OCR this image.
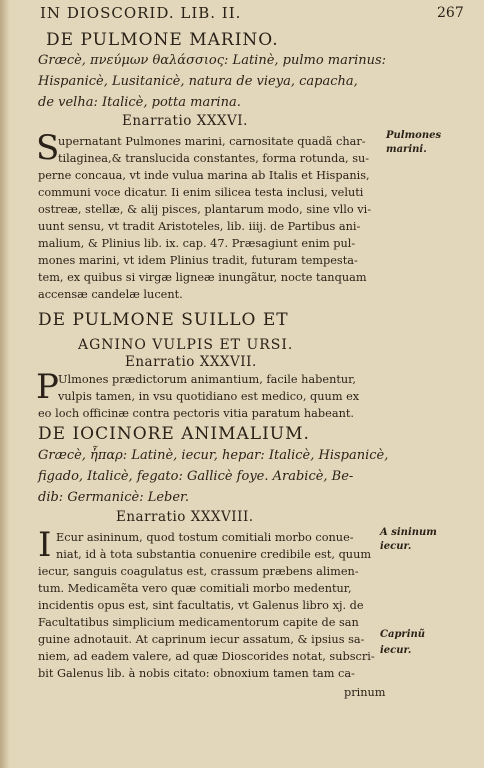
IN DIOSCORID. LIB. II.	267
DE PULMONE MARINO.
Græcè, πνεύμων θαλάσσιος: Latinè, pulmo marinus:
Hispanicè, Lusitanicè, natura de vieya, capacha,
de velha: Italicè, potta marina.
Enarratio XXXVI.
S
upernatant Pulmones marini, carnositate quadã char-
tilaginea,& translucida constantes, forma rotunda, su-
perne concaua, vt inde vulua marina ab Italis et Hispanis,
communi voce dicatur. Ii enim silicea testa inclusi, veluti
ostreæ, stellæ, & alij pisces, plantarum modo, sine vllo vi-
uunt sensu, vt tradit Aristoteles, lib. iiij. de Partibus ani-
malium, & Plinius lib. ix. cap. 47. Præsagiunt enim pul-
mones marini, vt idem Plinius tradit, futuram tempesta-
tem, ex quibus si virgæ ligneæ inungãtur, nocte tanquam
accensæ candelæ lucent.
Pulmones
marini.
DE PULMONE SUILLO ET
AGNINO VULPIS ET URSI.
Enarratio XXXVII.
P Ulmones prædictorum animantium, facile habentur,
vulpis tamen, in vsu quotidiano est medico, quum ex
eo loch officinæ contra pectoris vitia paratum habeant.
DE IOCINORE ANIMALIUM.
Græcè, ἧπαρ: Latinè, iecur, hepar: Italicè, Hispanicè,
figado, Italicè, fegato: Gallicè foye. Arabicè, Be-
dib: Germanicè: Leber.
Enarratio XXXVIII.
I Ecur asininum, quod tostum comitiali morbo conue-
niat, id à tota substantia conuenire credibile est, quum
iecur, sanguis coagulatus est, crassum præbens alimen-
tum. Medicamẽta vero quæ comitiali morbo medentur,
incidentis opus est, sint facultatis, vt Galenus libro xj. de
Facultatibus simplicium medicamentorum capite de san
guine adnotauit. At caprinum iecur assatum, & ipsius sa-
niem, ad eadem valere, ad quæ Dioscorides notat, subscri-
bit Galenus lib. à nobis citato: obnoxium tamen tam ca-
prinum
A sininum
iecur.
Caprinũ
iecur.
